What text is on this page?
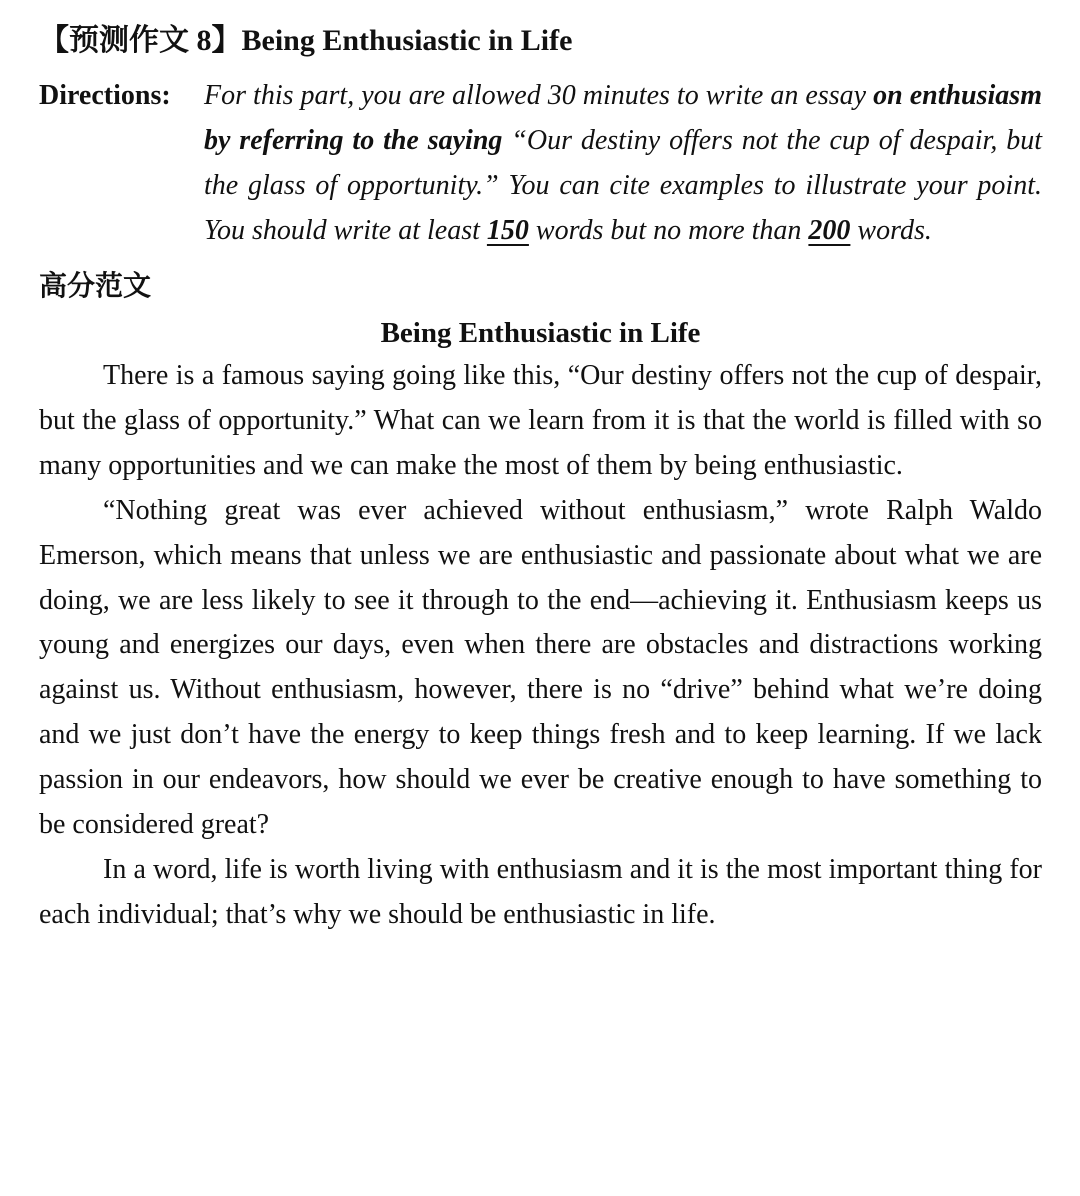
【预测作文 8】Being Enthusiastic in Life
Directions:	For this part, you are allowed 30 minutes to write an essay on enthusiasm by referring to the saying “Our destiny offers not the cup of despair, but the glass of opportunity.” You can cite examples to illustrate your point. You should write at least 150 words but no more than 200 words.
高分范文
Being Enthusiastic in Life

There is a famous saying going like this, “Our destiny offers not the cup of despair, but the glass of opportunity.” What can we learn from it is that the world is filled with so many opportunities and we can make the most of them by being enthusiastic.

“Nothing great was ever achieved without enthusiasm,” wrote Ralph Waldo Emerson, which means that unless we are enthusiastic and passionate about what we are doing, we are less likely to see it through to the end—achieving it. Enthusiasm keeps us young and energizes our days, even when there are obstacles and distractions working against us. Without enthusiasm, however, there is no “drive” behind what we’re doing and we just don’t have the energy to keep things fresh and to keep learning. If we lack passion in our endeavors, how should we ever be creative enough to have something to be considered great?

In a word, life is worth living with enthusiasm and it is the most important thing for each individual; that’s why we should be enthusiastic in life.
